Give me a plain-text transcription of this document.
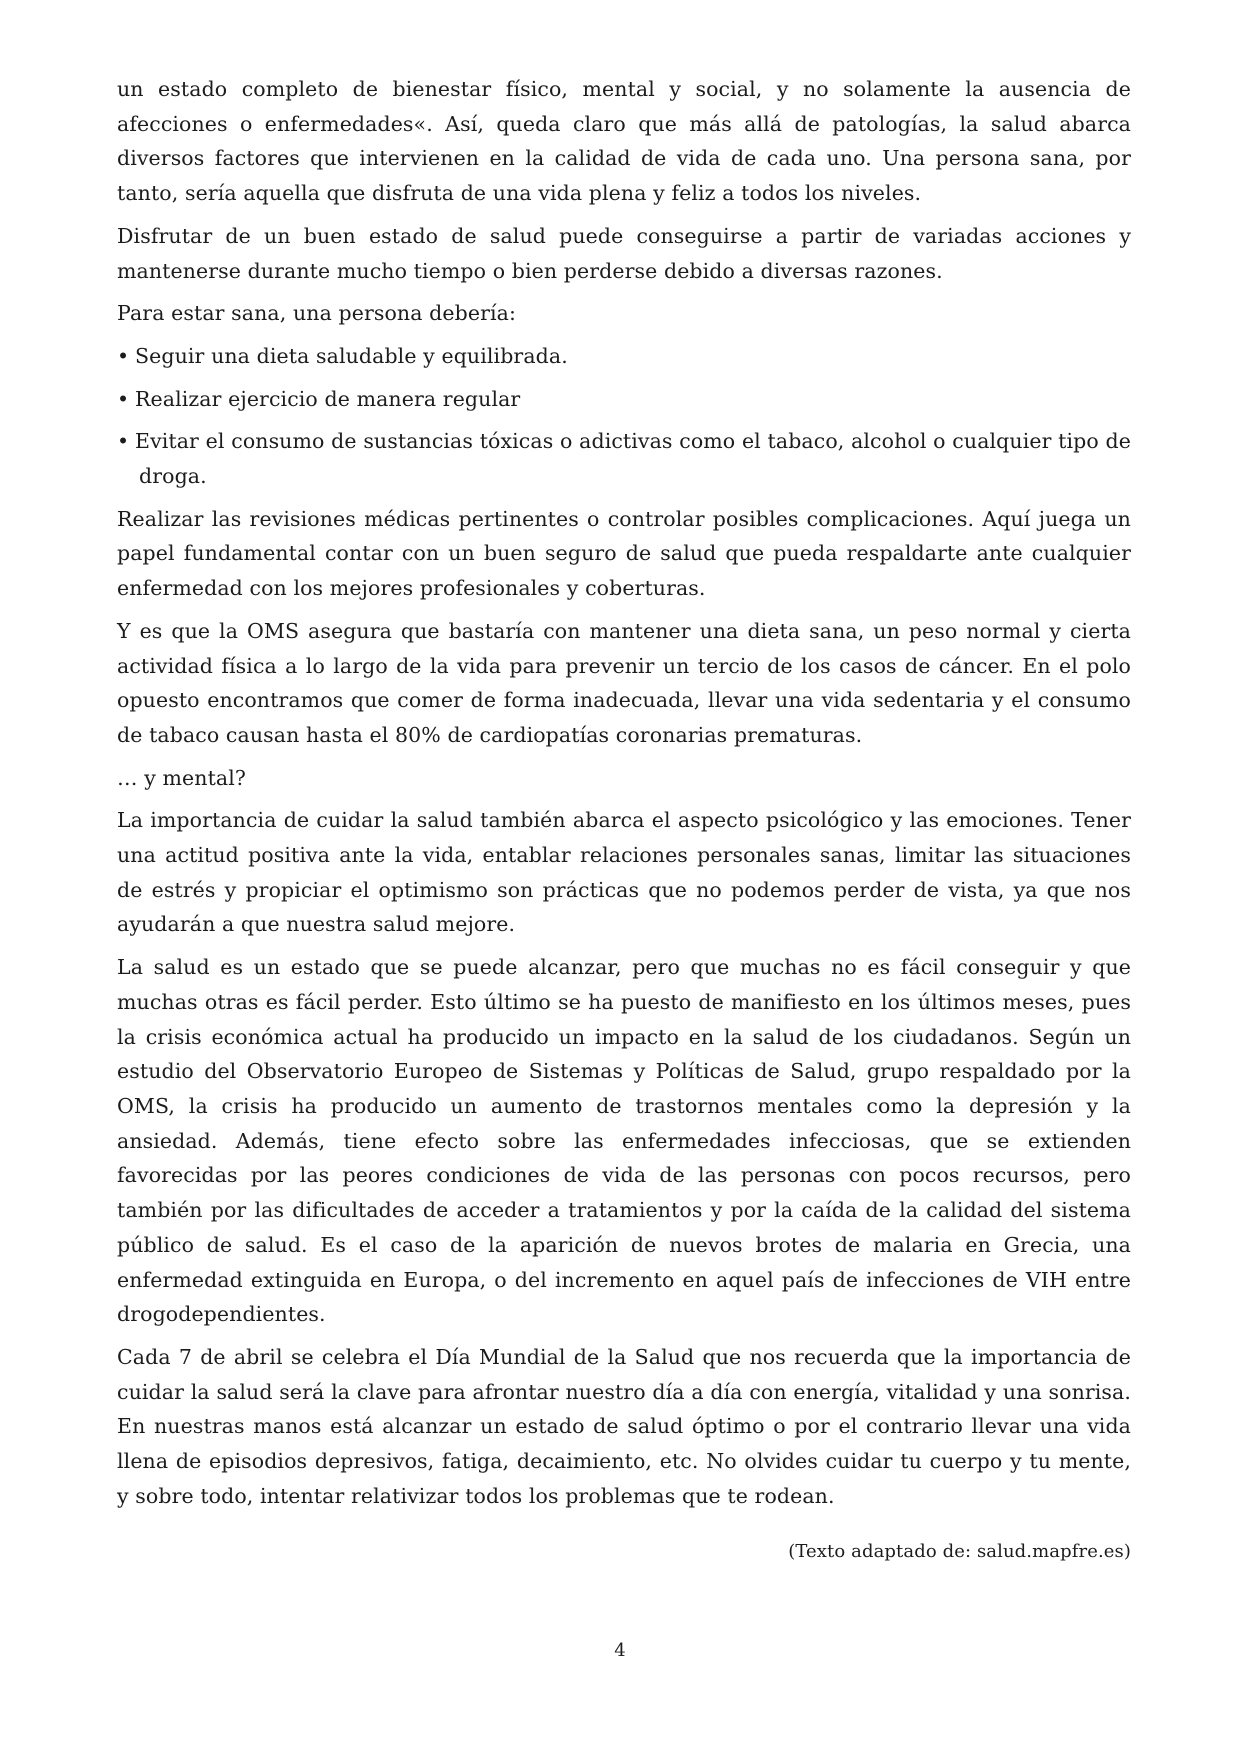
un estado completo de bienestar físico, mental y social, y no solamente la ausencia de afecciones o enfermedades«. Así, queda claro que más allá de patologías, la salud abarca diversos factores que intervienen en la calidad de vida de cada uno. Una persona sana, por tanto, sería aquella que disfruta de una vida plena y feliz a todos los niveles.

Disfrutar de un buen estado de salud puede conseguirse a partir de variadas acciones y mantenerse durante mucho tiempo o bien perderse debido a diversas razones.

Para estar sana, una persona debería:

• Seguir una dieta saludable y equilibrada.
• Realizar ejercicio de manera regular
• Evitar el consumo de sustancias tóxicas o adictivas como el tabaco, alcohol o cualquier tipo de droga.

Realizar las revisiones médicas pertinentes o controlar posibles complicaciones. Aquí juega un papel fundamental contar con un buen seguro de salud que pueda respaldarte ante cualquier enfermedad con los mejores profesionales y coberturas.

Y es que la OMS asegura que bastaría con mantener una dieta sana, un peso normal y cierta actividad física a lo largo de la vida para prevenir un tercio de los casos de cáncer. En el polo opuesto encontramos que comer de forma inadecuada, llevar una vida sedentaria y el consumo de tabaco causan hasta el 80% de cardiopatías coronarias prematuras.

… y mental?

La importancia de cuidar la salud también abarca el aspecto psicológico y las emociones. Tener una actitud positiva ante la vida, entablar relaciones personales sanas, limitar las situaciones de estrés y propiciar el optimismo son prácticas que no podemos perder de vista, ya que nos ayudarán a que nuestra salud mejore.

La salud es un estado que se puede alcanzar, pero que muchas no es fácil conseguir y que muchas otras es fácil perder. Esto último se ha puesto de manifiesto en los últimos meses, pues la crisis económica actual ha producido un impacto en la salud de los ciudadanos. Según un estudio del Observatorio Europeo de Sistemas y Políticas de Salud, grupo respaldado por la OMS, la crisis ha producido un aumento de trastornos mentales como la depresión y la ansiedad. Además, tiene efecto sobre las enfermedades infecciosas, que se extienden favorecidas por las peores condiciones de vida de las personas con pocos recursos, pero también por las dificultades de acceder a tratamientos y por la caída de la calidad del sistema público de salud. Es el caso de la aparición de nuevos brotes de malaria en Grecia, una enfermedad extinguida en Europa, o del incremento en aquel país de infecciones de VIH entre drogodependientes.

Cada 7 de abril se celebra el Día Mundial de la Salud que nos recuerda que la importancia de cuidar la salud será la clave para afrontar nuestro día a día con energía, vitalidad y una sonrisa. En nuestras manos está alcanzar un estado de salud óptimo o por el contrario llevar una vida llena de episodios depresivos, fatiga, decaimiento, etc. No olvides cuidar tu cuerpo y tu mente, y sobre todo, intentar relativizar todos los problemas que te rodean.

(Texto adaptado de: salud.mapfre.es)

4
